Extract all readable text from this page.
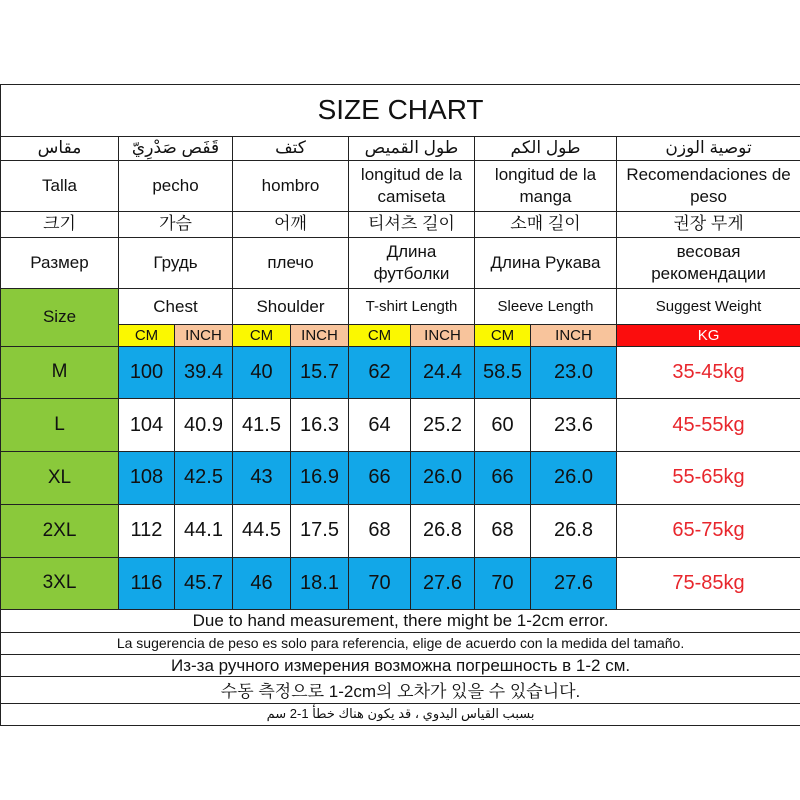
SIZE CHART									
مقاس	قَفَص صَدْرِيّ		كتف		طول القميص		طول الكم		توصية الوزن
Talla	pecho		hombro		longitud de la camiseta		longitud de la manga		Recomendaciones de peso
크기	가슴		어깨		티셔츠 길이		소매 길이		권장 무게
Размер	Грудь		плечо		Длина футболки		Длина Рукава		весовая рекомендации
Size	Chest		Shoulder		T-shirt Length		Sleeve Length		Suggest Weight
	CM	INCH	CM	INCH	CM	INCH	CM	INCH	KG
M	100	39.4	40	15.7	62	24.4	58.5	23.0	35-45kg
L	104	40.9	41.5	16.3	64	25.2	60	23.6	45-55kg
XL	108	42.5	43	16.9	66	26.0	66	26.0	55-65kg
2XL	112	44.1	44.5	17.5	68	26.8	68	26.8	65-75kg
3XL	116	45.7	46	18.1	70	27.6	70	27.6	75-85kg
Due to hand measurement, there might be 1-2cm error.									
La sugerencia de peso es solo para referencia, elige de acuerdo con la medida del tamaño.									
Из-за ручного измерения возможна погрешность в 1-2 см.									
수동 측정으로 1-2cm의 오차가 있을 수 있습니다.									
بسبب القياس اليدوي ، قد يكون هناك خطأ 1-2 سم									
